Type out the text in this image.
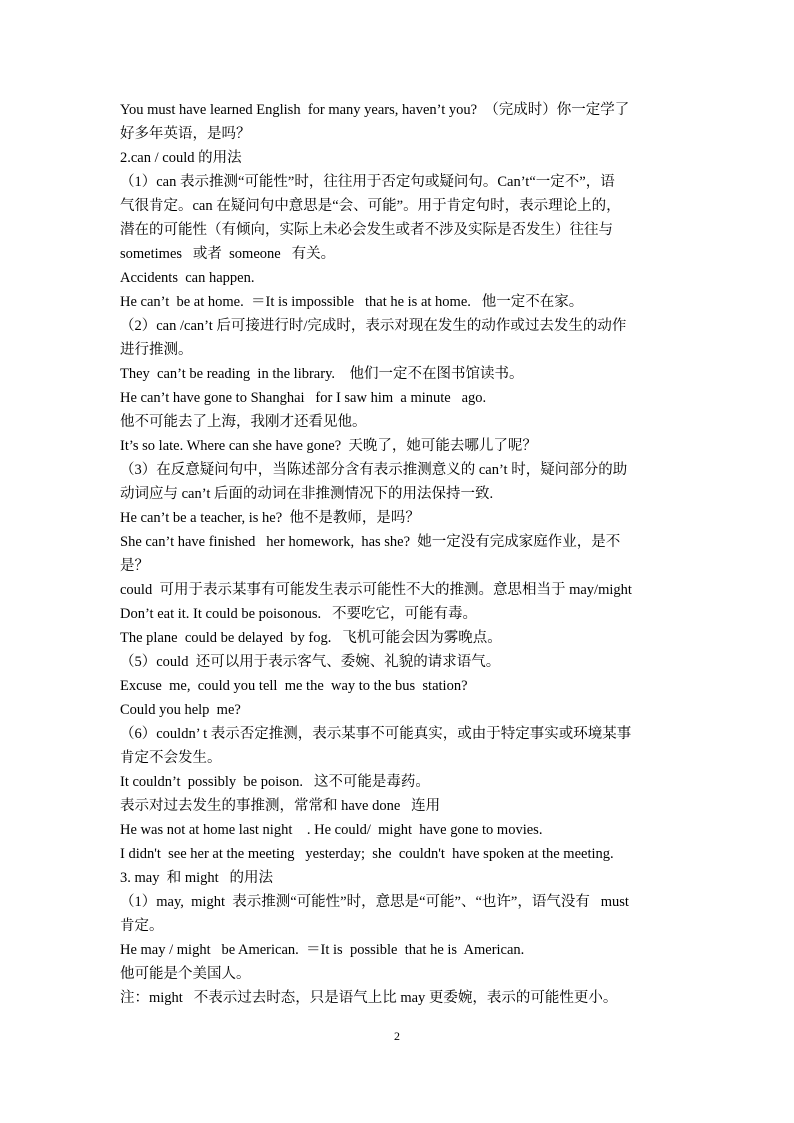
You must have learned English  for many years, haven’t you?  （完成时）你一定学了
好多年英语，是吗？
2.can / could 的用法
（1）can 表示推测“可能性”时，往往用于否定句或疑问句。Can’t“一定不”，语
气很肯定。can 在疑问句中意思是“会、可能”。用于肯定句时，表示理论上的，
潜在的可能性（有倾向，实际上未必会发生或者不涉及实际是否发生）往往与
sometimes   或者  someone   有关。
Accidents  can happen.
He can’t  be at home.  ＝It is impossible   that he is at home.   他一定不在家。
（2）can /can’t 后可接进行时/完成时，表示对现在发生的动作或过去发生的动作
进行推测。
They  can’t be reading  in the library.    他们一定不在图书馆读书。
He can’t have gone to Shanghai   for I saw him  a minute   ago.
他不可能去了上海，我刚才还看见他。
It’s so late. Where can she have gone?  天晚了，她可能去哪儿了呢？
（3）在反意疑问句中，当陈述部分含有表示推测意义的 can’t 时，疑问部分的助
动词应与 can’t 后面的动词在非推测情况下的用法保持一致.
He can’t be a teacher, is he?  他不是教师，是吗？
She can’t have finished   her homework,  has she?  她一定没有完成家庭作业，是不
是？
could  可用于表示某事有可能发生表示可能性不大的推测。意思相当于 may/might
Don’t eat it. It could be poisonous.   不要吃它，可能有毒。
The plane  could be delayed  by fog.   飞机可能会因为雾晚点。
（5）could  还可以用于表示客气、委婉、礼貌的请求语气。
Excuse  me,  could you tell  me the  way to the bus  station?
Could you help  me?
（6）couldn’ t 表示否定推测，表示某事不可能真实，或由于特定事实或环境某事
肯定不会发生。
It couldn’t  possibly  be poison.   这不可能是毒药。
表示对过去发生的事推测，常常和 have done   连用
He was not at home last night    . He could/  might  have gone to movies.
I didn't  see her at the meeting   yesterday;  she  couldn't  have spoken at the meeting.
3. may  和 might   的用法
（1）may,  might  表示推测“可能性”时，意思是“可能”、“也许”，语气没有   must
肯定。
He may / might   be American.  ＝It is  possible  that he is  American.
他可能是个美国人。
注：might   不表示过去时态，只是语气上比 may 更委婉，表示的可能性更小。
2
